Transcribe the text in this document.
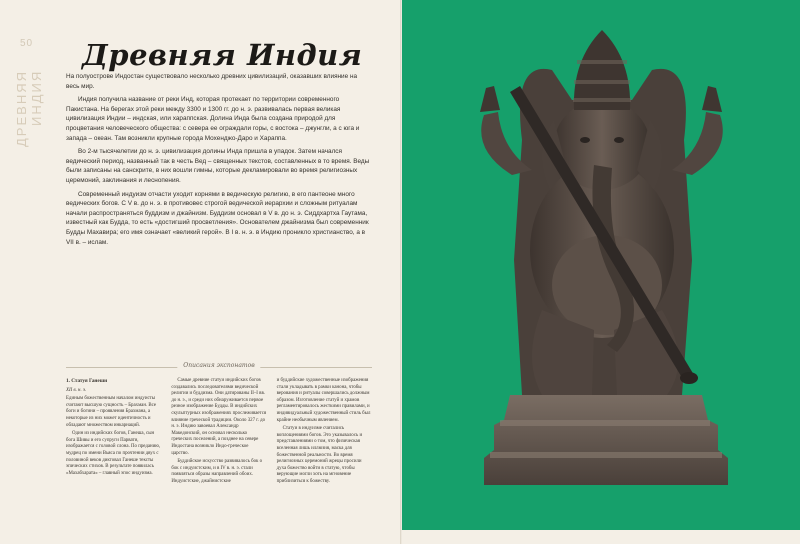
50
ДРЕВНЯЯ ИНДИЯ
Древняя Индия

На полуострове Индостан существовало несколько древних цивилизаций, оказавших влияние на весь мир.

Индия получила название от реки Инд, которая протекает по территории современного Пакистана. На берегах этой реки между 3300 и 1300 гг. до н. э. развивалась первая великая цивилизация Индии – индская, или хараппская. Долина Инда была создана природой для процветания человеческого общества: с севера ее ограждали горы, с востока – джунгли, а с юга и запада – океан. Там возникли крупные города Мохенджо-Даро и Хараппа.

Во 2-м тысячелетии до н. э. цивилизация долины Инда пришла в упадок. Затем начался ведический период, названный так в честь Вед – священных текстов, составленных в то время. Веды были записаны на санскрите, в них вошли гимны, которые декламировали во время религиозных церемоний, заклинания и леснопения.

Современный индуизм отчасти уходит корнями в ведическую религию, в его пантеоне много ведических богов. С V в. до н. э. в противовес строгой ведической иерархии и сложным ритуалам начали распространяться буддизм и джайнизм. Буддизм основал в V в. до н. э. Сиддхартха Гаутама, известный как Будда, то есть «достигший просветления». Основателем джайнизма был современник Будды Махавира; его имя означает «великий герой». В I в. н. э. в Индию проникло христианство, а в VII в. – ислам.

Описания экспонатов

1. Статуя Ганеши

XII в. н. э.

Единым божественным началом индуисты считают высшую сущность – Брахман. Все боги и богини – проявления Брахмана, а некоторые из них может идентичность и обладают множеством инкарнаций.

Один из индийских богов, Ганеша, сын бога Шивы и его супруги Парвати, изображается с головой слона. По преданию, мудрец по имени Вьяса по прочтении двух с половиной веков диктовал Ганеше тексты эпических стихов. В результате появилась «Махабхарата» – главный эпос индуизма.

Самые древние статуи индийских богов создавались последователями ведической религии и буддизма. Они датированы II–I вв. до н. э., и среди них обнаруживается первое резное изображение Будды. В индийских скульптурных изображениях прослеживается влияние греческой традиции. Около 327 г. до н. э. Индию завоевал Александр Македонский, он основал несколько греческих поселений, а позднее на севере Индостана возникло Индо-греческое царство.

Буддийское искусство развивалось бок о бок с индуистским, и в IV в. н. э. стали появляться образы направлений обоих. Индуистские, джайнистские

и буддийские художественные изображения стали укладывать в рамки канона, чтобы верования и ритуалы совершались должным образом. Изготовление статуй и храмов регламентировалось жесткими правилами, и индивидуальный художественный стиль был крайне необычным явлением.

Статуи в индуизме считались воплощениями богов. Это указывалось и представлениями о том, что физическая вселенная лишь иллюзия, маска для божественной реальности. Во время религиозных церемоний жрецы просили духа божество войти в статую, чтобы верующие могли хоть на мгновение приблизиться к божеству.
